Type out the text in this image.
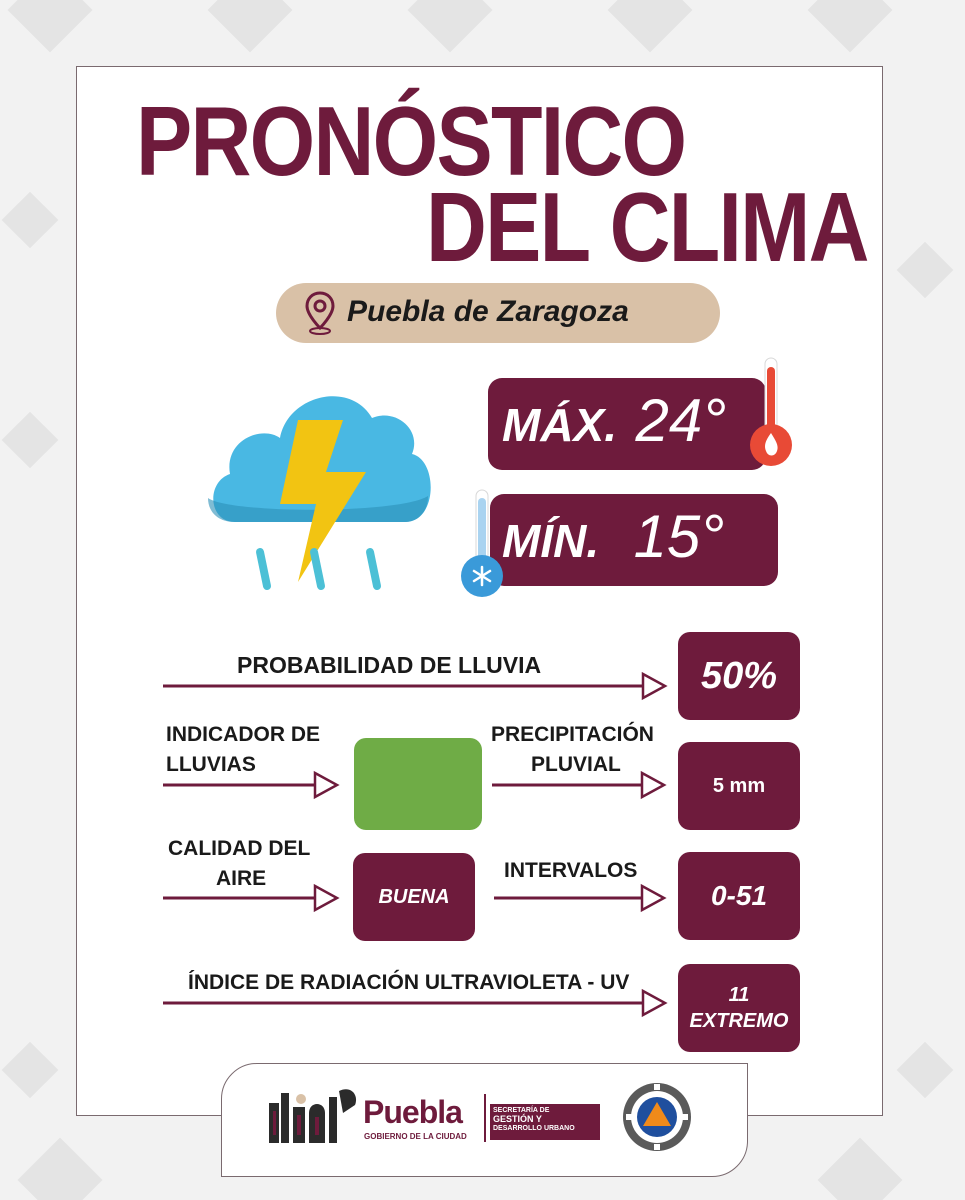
PRONÓSTICO
DEL CLIMA
Puebla de Zaragoza
MÁX. 24°
MÍN. 15°
PROBABILIDAD DE LLUVIA
INDICADOR DE
LLUVIAS
PRECIPITACIÓN
PLUVIAL
CALIDAD DEL
AIRE	INTERVALOS
ÍNDICE DE RADIACIÓN ULTRAVIOLETA - UV
50%
5 mm
BUENA	0-51
11
EXTREMO
Puebla
GOBIERNO DE LA CIUDAD
SECRETARÍA DE
GESTIÓN Y
DESARROLLO URBANO
